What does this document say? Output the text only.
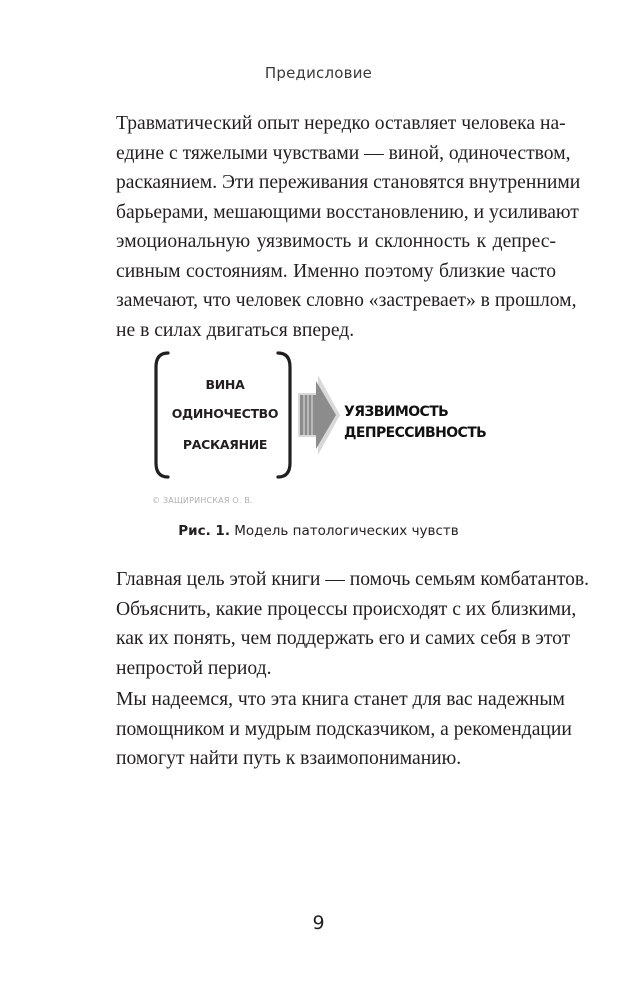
Предисловие

Травматический опыт нередко оставляет человека на-
едине с тяжелыми чувствами — виной, одиночеством,
раскаянием. Эти переживания становятся внутренними
барьерами, мешающими восстановлению, и усиливают
эмоциональную уязвимость и склонность к депрес-
сивным состояниям. Именно поэтому близкие часто
замечают, что человек словно «застревает» в прошлом,
не в силах двигаться вперед.

ВИНА
ОДИНОЧЕСТВО
РАСКАЯНИЕ
УЯЗВИМОСТЬ
ДЕПРЕССИВНОСТЬ
© ЗАЩИРИНСКАЯ О. В.
Рис. 1. Модель патологических чувств

Главная цель этой книги — помочь семьям комбатантов.
Объяснить, какие процессы происходят с их близкими,
как их понять, чем поддержать его и самих себя в этот
непростой период.

Мы надеемся, что эта книга станет для вас надежным
помощником и мудрым подсказчиком, а рекомендации
помогут найти путь к взаимопониманию.

9
